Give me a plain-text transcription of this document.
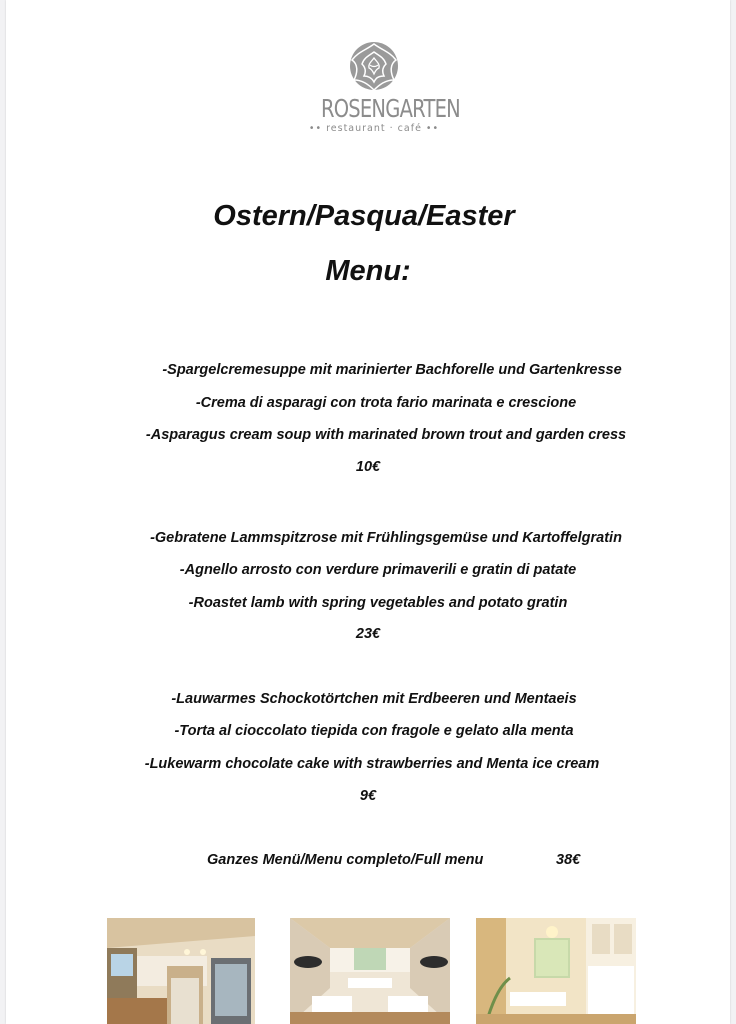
ROSENGARTEN
•• restaurant · café ••
Ostern/Pasqua/Easter
Menu:
-Spargelcremesuppe mit marinierter Bachforelle und Gartenkresse
-Crema di asparagi con trota fario marinata e crescione
-Asparagus cream soup with marinated brown trout and garden cress
10€
-Gebratene Lammspitzrose mit Frühlingsgemüse und Kartoffelgratin
-Agnello arrosto con verdure primaverili e gratin di patate
-Roastet lamb with spring vegetables and potato gratin
23€
-Lauwarmes Schockotörtchen mit Erdbeeren und Mentaeis
-Torta al cioccolato tiepida con fragole e gelato alla menta
-Lukewarm chocolate cake with strawberries and Menta ice cream
9€
Ganzes Menü/Menu completo/Full menu	38€
